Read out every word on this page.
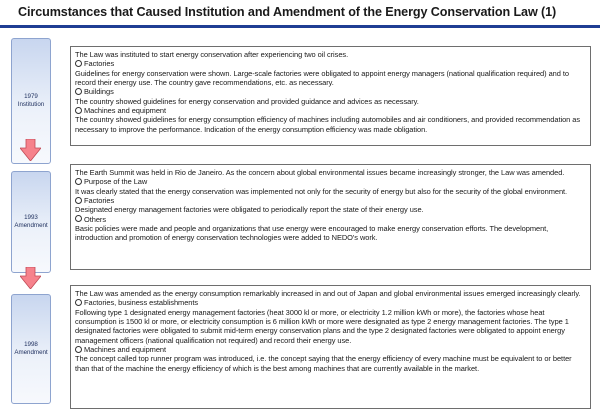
Circumstances that Caused Institution and Amendment of the Energy Conservation Law (1)
1979
Institution

The Law was instituted to start energy conservation after experiencing two oil crises.

Factories

Guidelines for energy conservation were shown. Large-scale factories were obligated to appoint energy managers (national qualification required) and to record their energy use. The country gave recommendations, etc. as necessary.

Buildings

The country showed guidelines for energy conservation and provided guidance and advices as necessary.

Machines and equipment

The country showed guidelines for energy consumption efficiency of machines including automobiles and air conditioners, and provided recommendation as necessary to improve the performance. Indication of the energy consumption efficiency was made obligation.

1993
Amendment

The Earth Summit was held in Rio de Janeiro. As the concern about global environmental issues became increasingly stronger, the Law was amended.

Purpose of the Law

It was clearly stated that the energy conservation was implemented not only for the security of energy but also for the security of the global environment.

Factories

Designated energy management factories were obligated to periodically report the state of their energy use.

Others

Basic policies were made and people and organizations that use energy were encouraged to make energy conservation efforts. The development, introduction and promotion of energy conservation technologies were added to NEDO's work.

1998
Amendment

The Law was amended as the energy consumption remarkably increased in and out of Japan and global environmental issues emerged increasingly clearly.

Factories, business establishments

Following type 1 designated energy management factories (heat 3000 kl or more, or electricity 1.2 million kWh or more), the factories whose heat consumption is 1500 kl or more, or electricity consumption is 6 million kWh or more were designated as type 2 energy management factories. The type 1 designated factories were obligated to submit mid-term energy conservation plans and the type 2 designated factories were obligated to appoint energy management officers (national qualification not required) and record their energy use.

Machines and equipment

The concept called top runner program was introduced, i.e. the concept saying that the energy efficiency of every machine must be equivalent to or better than that of the machine the energy efficiency of which is the best among machines that are currently available in the market.
